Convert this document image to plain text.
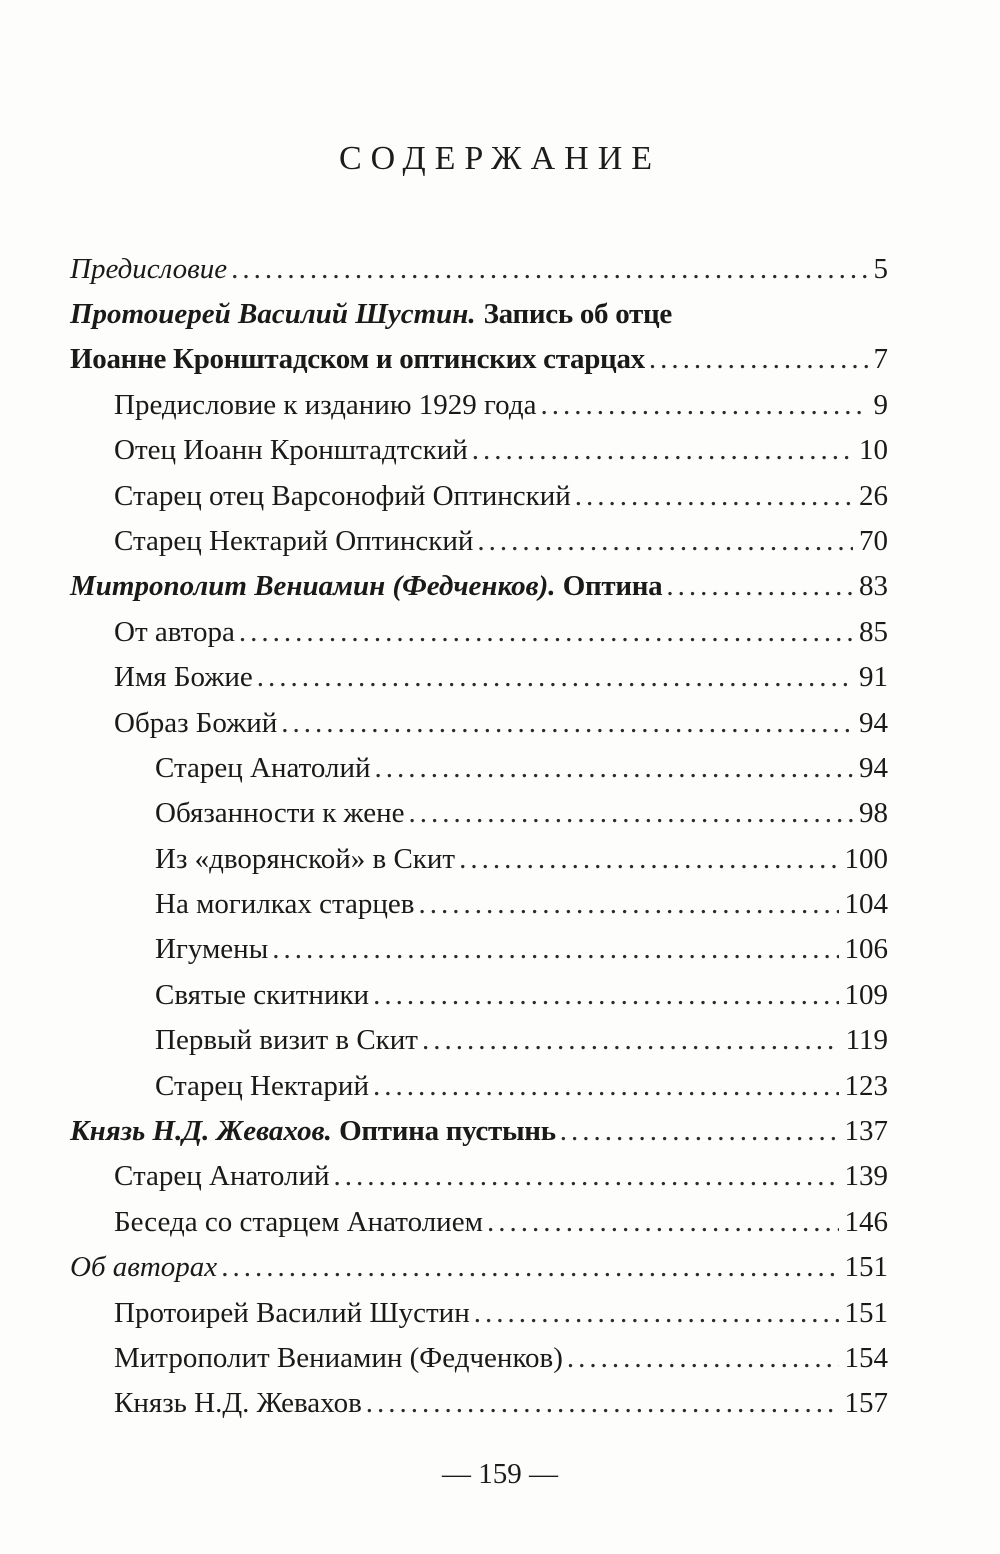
СОДЕРЖАНИЕ
Предисловие .....	5
Протоиерей Василий Шустин. Запись об отце
Иоанне Кронштадском и оптинских старцах .....	7
Предисловие к изданию 1929 года .....	9
Отец Иоанн Кронштадтский .....	10
Старец отец Варсонофий Оптинский .....	26
Старец Нектарий Оптинский .....	70
Митрополит Вениамин (Федченков). Оптина .....	83
От автора .....	85
Имя Божие .....	91
Образ Божий .....	94
Старец Анатолий .....	94
Обязанности к жене .....	98
Из «дворянской» в Скит .....	100
На могилках старцев .....	104
Игумены .....	106
Святые скитники .....	109
Первый визит в Скит .....	119
Старец Нектарий .....	123
Князь Н.Д. Жевахов. Оптина пустынь .....	137
Старец Анатолий .....	139
Беседа со старцем Анатолием .....	146
Об авторах .....	151
Протоирей Василий Шустин .....	151
Митрополит Вениамин (Федченков) .....	154
Князь Н.Д. Жевахов .....	157
— 159 —
